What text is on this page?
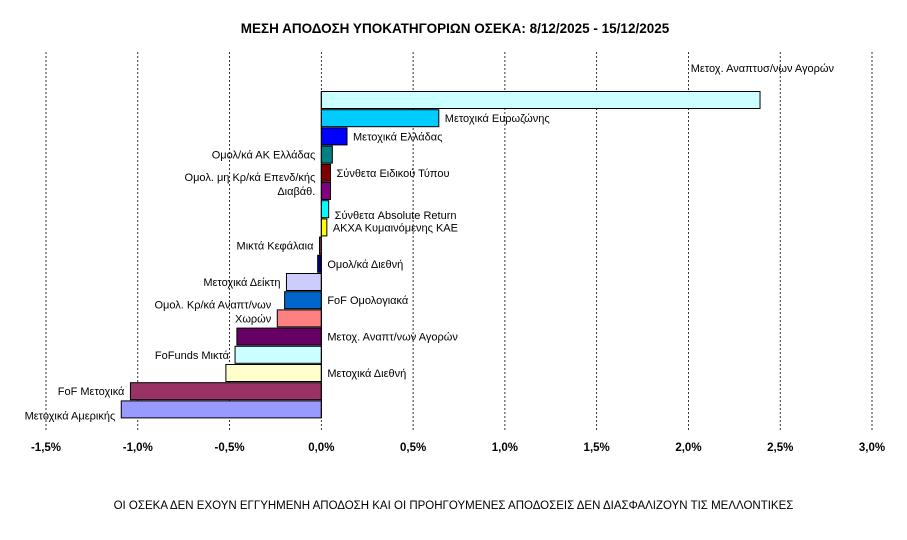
ΜΕΣΗ ΑΠΟΔΟΣΗ ΥΠΟΚΑΤΗΓΟΡΙΩΝ ΟΣΕΚΑ: 8/12/2025 - 15/12/2025
Μετοχ. Αναπτυσ/νων Αγορών
Μετοχικά Ευρωζώνης
Μετοχικά Ελλάδας
Ομολ/κά ΑΚ Ελλάδας
Σύνθετα Ειδικού Τύπου
Ομολ. μη Κρ/κά Επενδ/κής Διαβάθ.
Σύνθετα Absolute Return
ΑΚΧΑ Κυμαινόμενης ΚΑΕ
Μικτά Κεφάλαια
Ομολ/κά Διεθνή
Μετοχικά Δείκτη
FoF Ομολογιακά
Ομολ. Κρ/κά Αναπτ/νων Χωρών
Μετοχ. Αναπτ/νων Αγορών
FoFunds Μικτά
Μετοχικά Διεθνή
FoF Μετοχικά
Μετοχικά Αμερικής
-1,5%	-1,0%	-0,5%	0,0%	0,5%	1,0%	1,5%	2,0%	2,5%	3,0%
ΟΙ ΟΣΕΚΑ ΔΕΝ ΕΧΟΥΝ ΕΓΓΥΗΜΕΝΗ ΑΠΟΔΟΣΗ ΚΑΙ ΟΙ ΠΡΟΗΓΟΥΜΕΝΕΣ ΑΠΟΔΟΣΕΙΣ ΔΕΝ ΔΙΑΣΦΑΛΙΖΟΥΝ ΤΙΣ ΜΕΛΛΟΝΤΙΚΕΣ
